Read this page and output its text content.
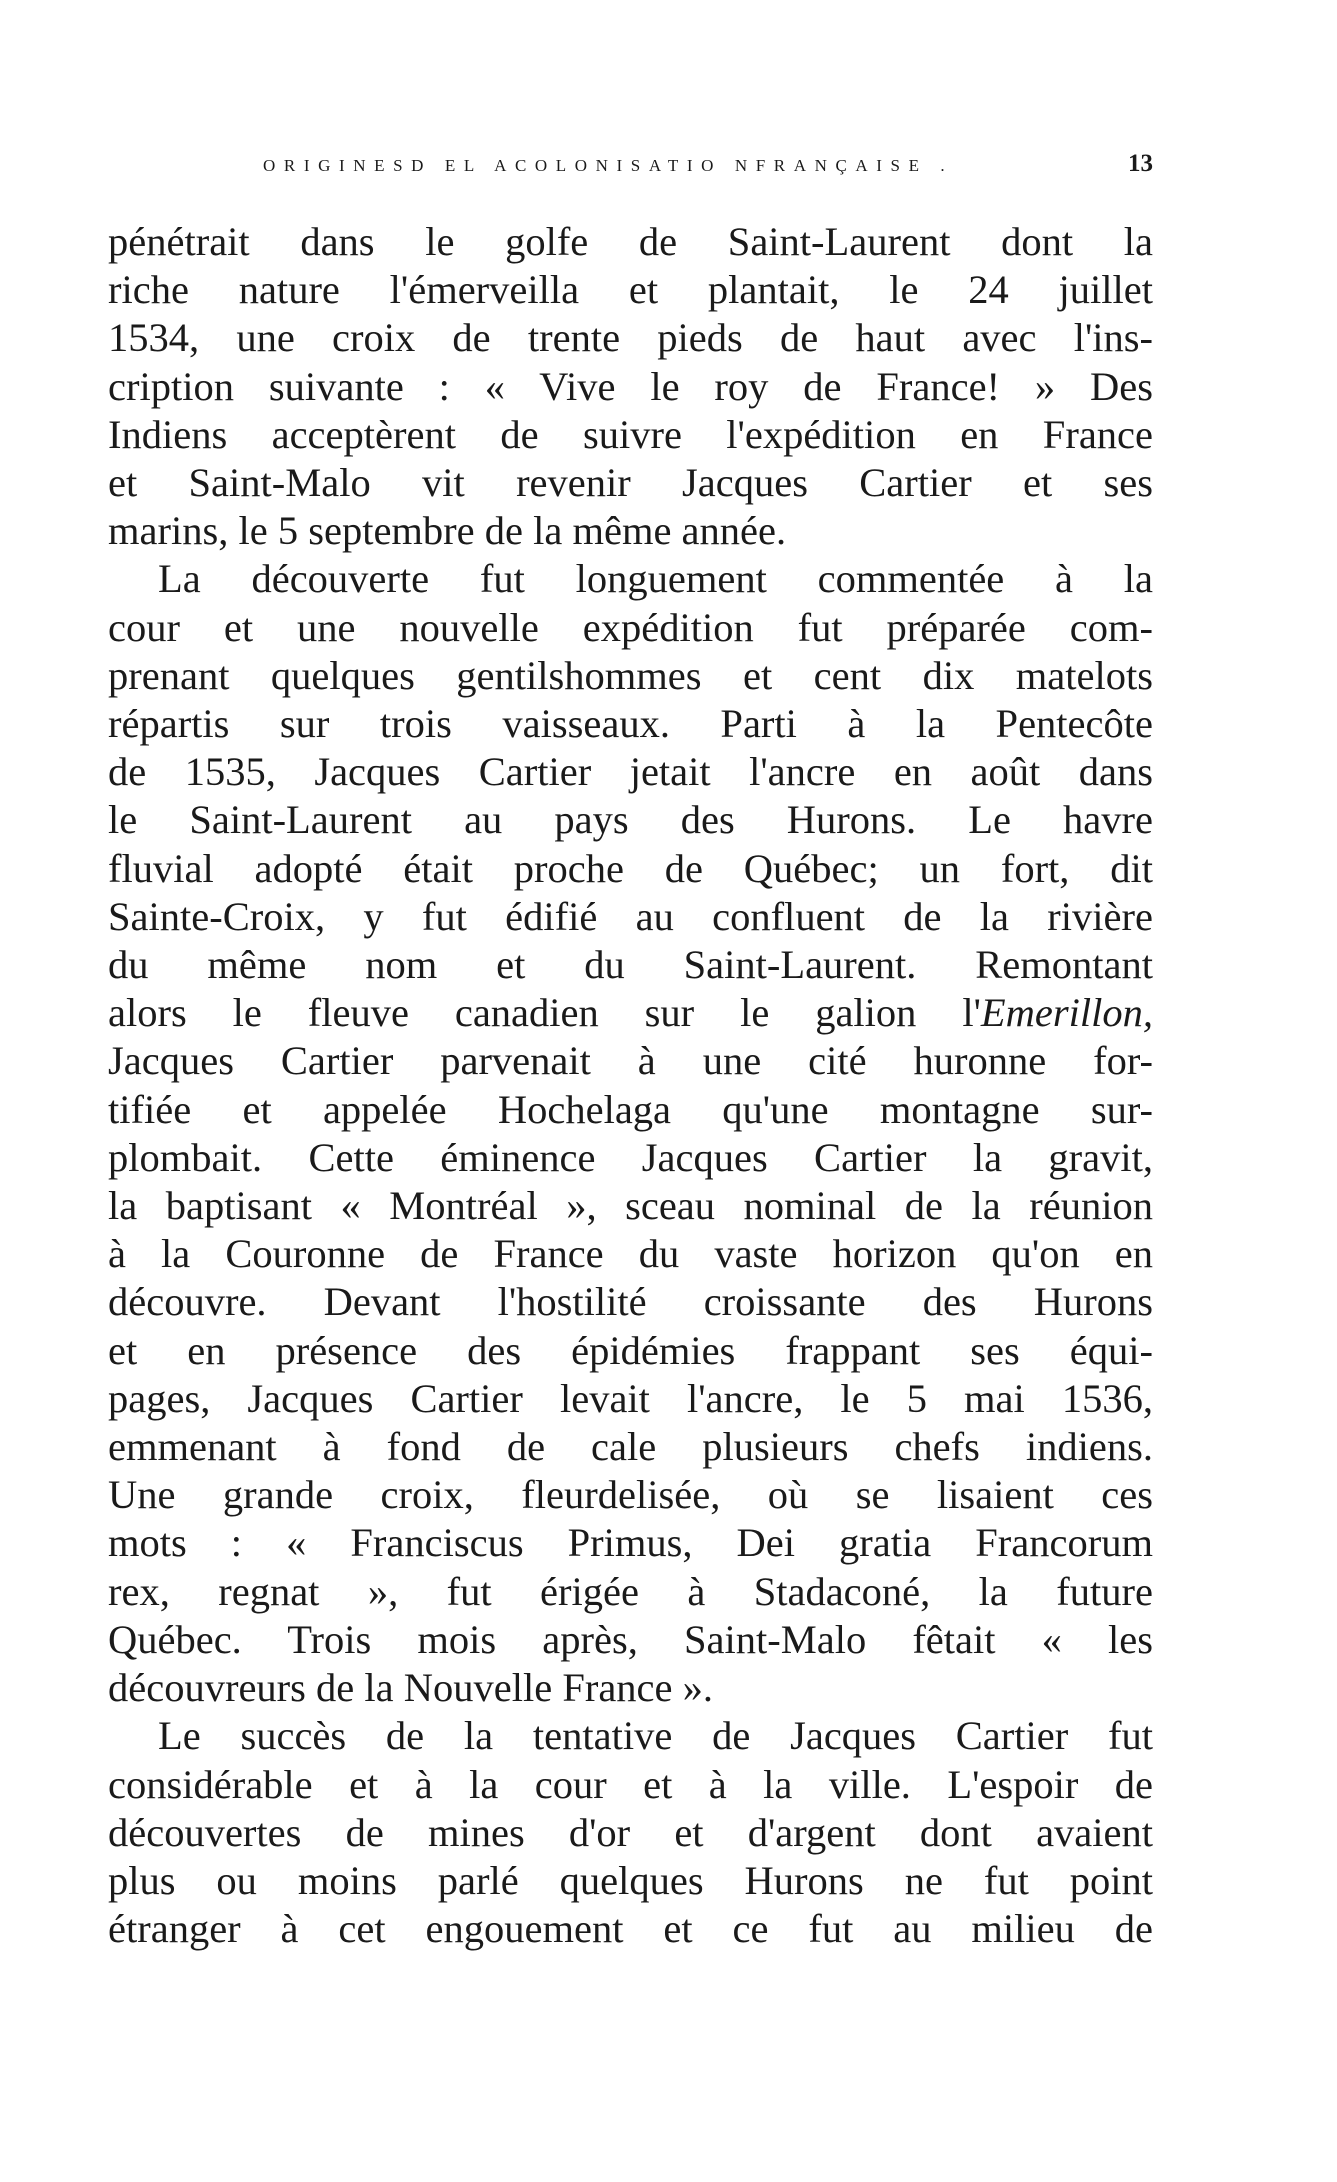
ORIGINESD EL ACOLONISATIO NFRANÇAISE .	13

pénétrait dans le golfe de Saint-Laurent dont la
riche nature l'émerveilla et plantait, le 24 juillet
1534, une croix de trente pieds de haut avec l'ins-
cription suivante : « Vive le roy de France! » Des
Indiens acceptèrent de suivre l'expédition en France
et Saint-Malo vit revenir Jacques Cartier et ses
marins, le 5 septembre de la même année.

La découverte fut longuement commentée à la
cour et une nouvelle expédition fut préparée com-
prenant quelques gentilshommes et cent dix matelots
répartis sur trois vaisseaux. Parti à la Pentecôte
de 1535, Jacques Cartier jetait l'ancre en août dans
le Saint-Laurent au pays des Hurons. Le havre
fluvial adopté était proche de Québec; un fort, dit
Sainte-Croix, y fut édifié au confluent de la rivière
du même nom et du Saint-Laurent. Remontant
alors le fleuve canadien sur le galion l'Emerillon,
Jacques Cartier parvenait à une cité huronne for-
tifiée et appelée Hochelaga qu'une montagne sur-
plombait. Cette éminence Jacques Cartier la gravit,
la baptisant « Montréal », sceau nominal de la réunion
à la Couronne de France du vaste horizon qu'on en
découvre. Devant l'hostilité croissante des Hurons
et en présence des épidémies frappant ses équi-
pages, Jacques Cartier levait l'ancre, le 5 mai 1536,
emmenant à fond de cale plusieurs chefs indiens.
Une grande croix, fleurdelisée, où se lisaient ces
mots : « Franciscus Primus, Dei gratia Francorum
rex, regnat », fut érigée à Stadaconé, la future
Québec. Trois mois après, Saint-Malo fêtait « les
découvreurs de la Nouvelle France ».

Le succès de la tentative de Jacques Cartier fut
considérable et à la cour et à la ville. L'espoir de
découvertes de mines d'or et d'argent dont avaient
plus ou moins parlé quelques Hurons ne fut point
étranger à cet engouement et ce fut au milieu de
